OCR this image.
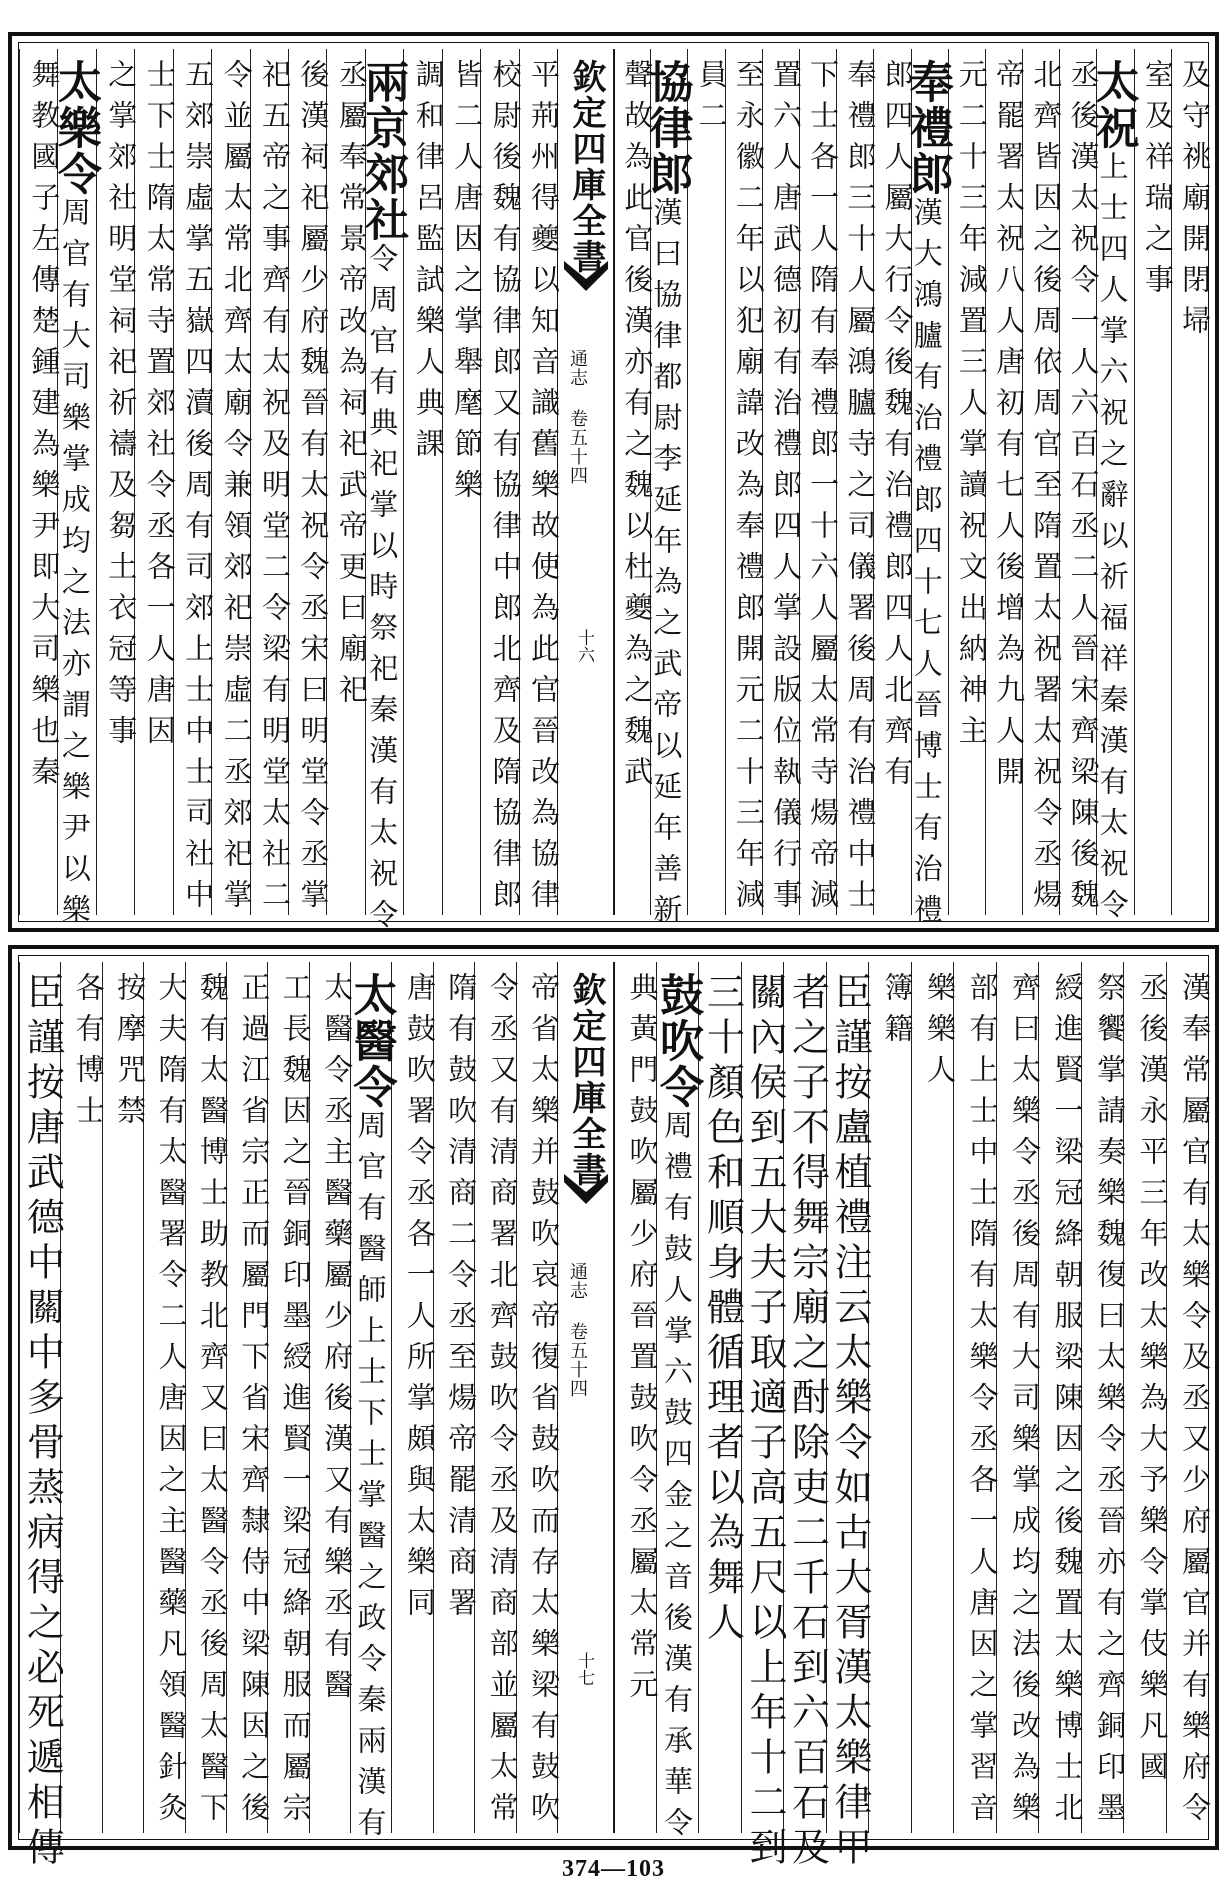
及守祧廟開閉埽
室及祥瑞之事
太祝上士四人掌六祝之辭以祈福祥秦漢有太祝令
丞後漢太祝令一人六百石丞二人晉宋齊梁陳後魏
北齊皆因之後周依周官至隋置太祝署太祝令丞煬
帝罷署太祝八人唐初有七人後增為九人開
元二十三年減置三人掌讀祝文出納神主
奉禮郎漢大鴻臚有治禮郎四十七人晉博士有治禮
郎四人屬大行令後魏有治禮郎四人北齊有
奉禮郎三十人屬鴻臚寺之司儀署後周有治禮中士
下士各一人隋有奉禮郎一十六人屬太常寺煬帝減
置六人唐武德初有治禮郎四人掌設版位執儀行事
至永徽二年以犯廟諱改為奉禮郎開元二十三年減
員二
協律郎漢曰協律都尉李延年為之武帝以延年善新
聲故為此官後漢亦有之魏以杜夔為之魏武
平荊州得夔以知音識舊樂故使為此官晉改為協律
校尉後魏有協律郎又有協律中郎北齊及隋協律郎
皆二人唐因之掌舉麾節樂
調和律呂監試樂人典課
兩京郊社令周官有典祀掌以時祭祀秦漢有太祝令
丞屬奉常景帝改為祠祀武帝更曰廟祀
後漢祠祀屬少府魏晉有太祝令丞宋曰明堂令丞掌
祀五帝之事齊有太祝及明堂二令梁有明堂太社二
令並屬太常北齊太廟令兼領郊祀崇虛二丞郊祀掌
五郊崇虛掌五嶽四瀆後周有司郊上士中士司社中
士下士隋太常寺置郊社令丞各一人唐因
之掌郊社明堂祠祀祈禱及芻土衣冠等事
太樂令周官有大司樂掌成均之法亦謂之樂尹以樂
舞教國子左傳楚鍾建為樂尹即大司樂也秦	欽定四庫全書
通志 卷五十四
十六
漢奉常屬官有太樂令及丞又少府屬官并有樂府令
丞後漢永平三年改太樂為大予樂令掌伎樂凡國
祭饗掌請奏樂魏復曰太樂令丞晉亦有之齊銅印墨
綬進賢一梁冠絳朝服梁陳因之後魏置太樂博士北
齊曰太樂令丞後周有大司樂掌成均之法後改為樂
部有上士中士隋有太樂令丞各一人唐因之掌習音
樂樂人
簿籍
臣謹按盧植禮注云太樂令如古大胥漢太樂律甲
者之子不得舞宗廟之酎除吏二千石到六百石及
關內侯到五大夫子取適子高五尺以上年十二到
三十顏色和順身體循理者以為舞人
鼓吹令周禮有鼓人掌六鼓四金之音後漢有承華令
典黃門鼓吹屬少府晉置鼓吹令丞屬太常元
帝省太樂并鼓吹哀帝復省鼓吹而存太樂梁有鼓吹
令丞又有清商署北齊鼓吹令丞及清商部並屬太常
隋有鼓吹清商二令丞至煬帝罷清商署
唐鼓吹署令丞各一人所掌頗與太樂同
太醫令周官有醫師上士下士掌醫之政令秦兩漢有
太醫令丞主醫藥屬少府後漢又有樂丞有醫
工長魏因之晉銅印墨綬進賢一梁冠絳朝服而屬宗
正過江省宗正而屬門下省宋齊隸侍中梁陳因之後
魏有太醫博士助教北齊又曰太醫令丞後周太醫下
大夫隋有太醫署令二人唐因之主醫藥凡領醫針灸
按摩咒禁
各有博士
臣謹按唐武德中關中多骨蒸病得之必死遞相傳	欽定四庫全書
通志 卷五十四
十七
374—103
